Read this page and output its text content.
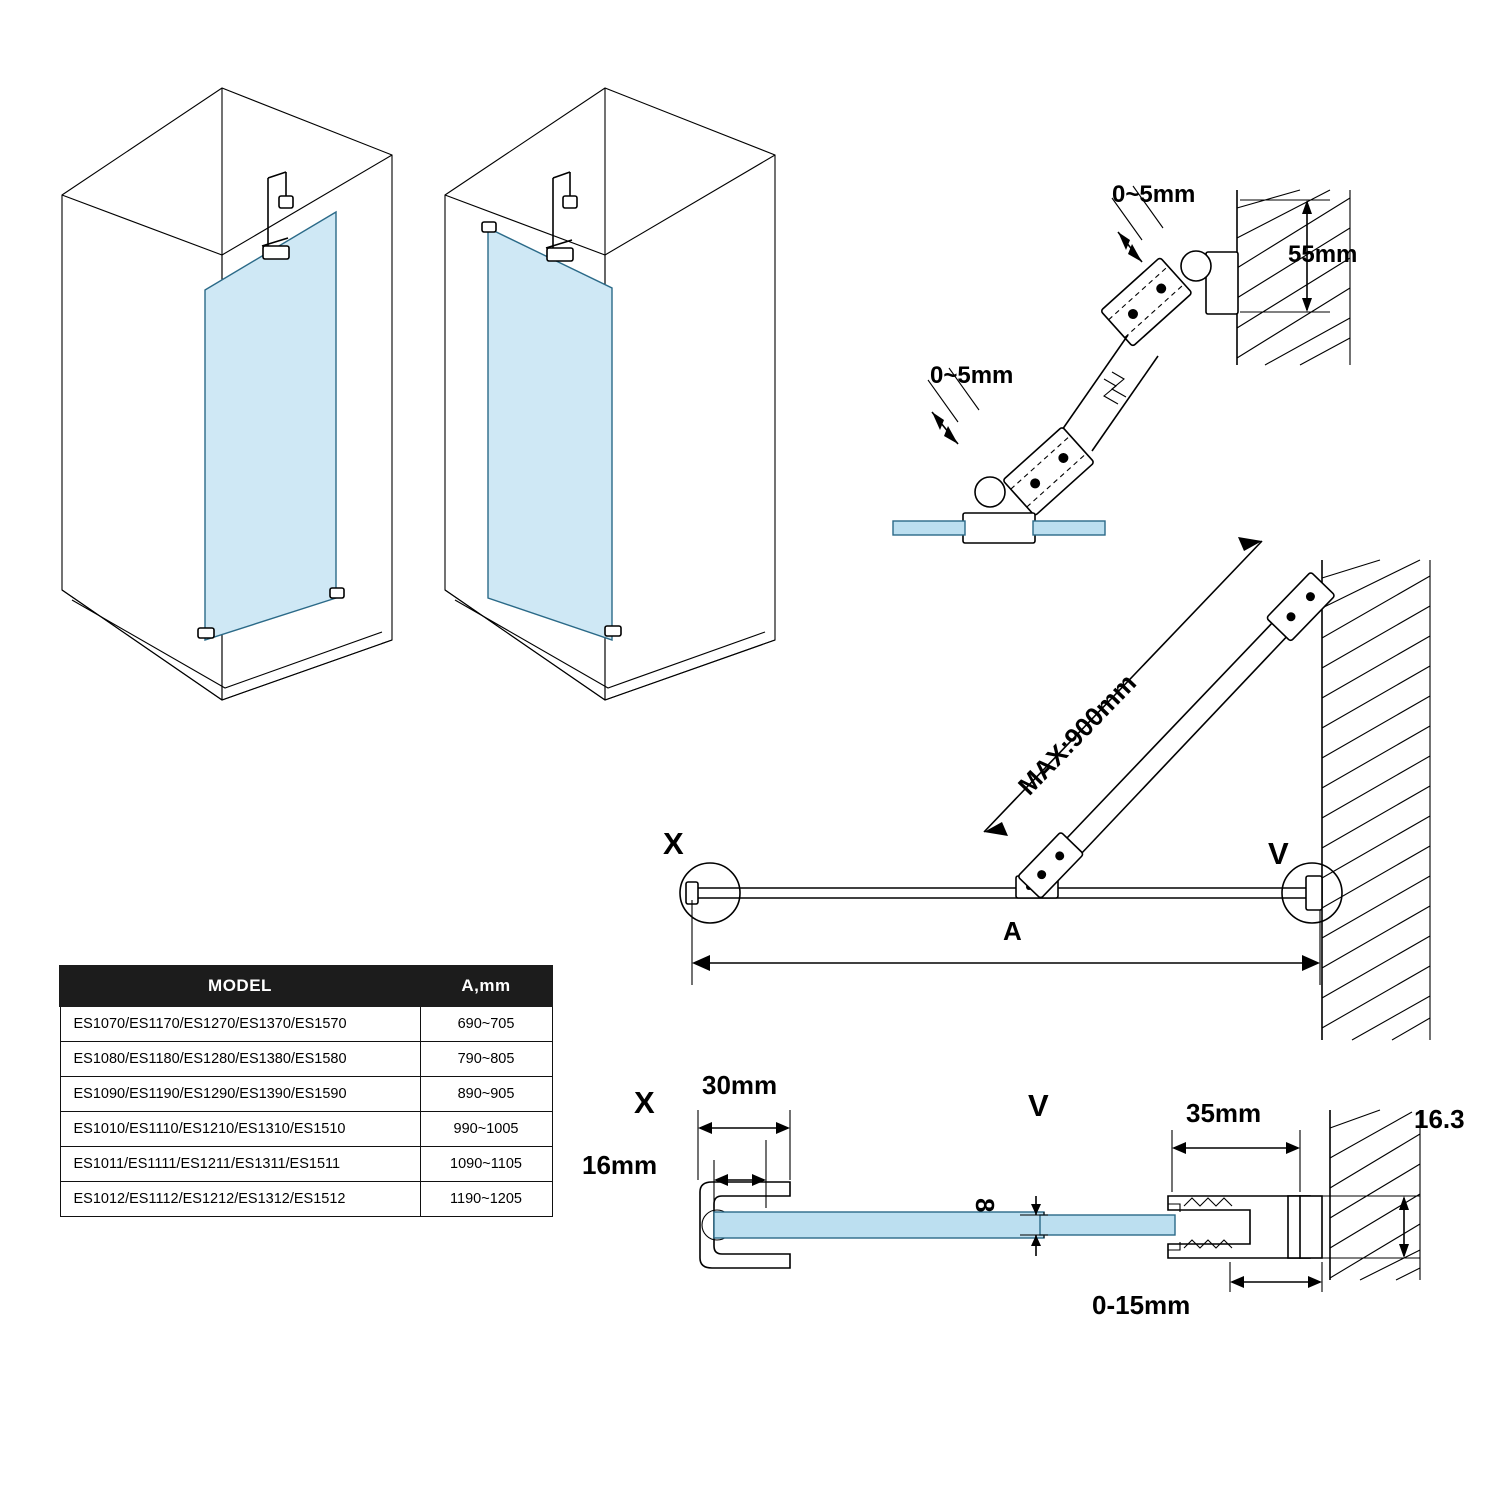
0~5mm
0~5mm
55mm
MAX:900mm
X	V
A
X 30mm
16mm
V	35mm	16.3
8
0-15mm
MODEL	A,mm
ES1070/ES1170/ES1270/ES1370/ES1570	690~705
ES1080/ES1180/ES1280/ES1380/ES1580	790~805
ES1090/ES1190/ES1290/ES1390/ES1590	890~905
ES1010/ES1110/ES1210/ES1310/ES1510	990~1005
ES1011/ES1111/ES1211/ES1311/ES1511	1090~1105
ES1012/ES1112/ES1212/ES1312/ES1512	1190~1205
